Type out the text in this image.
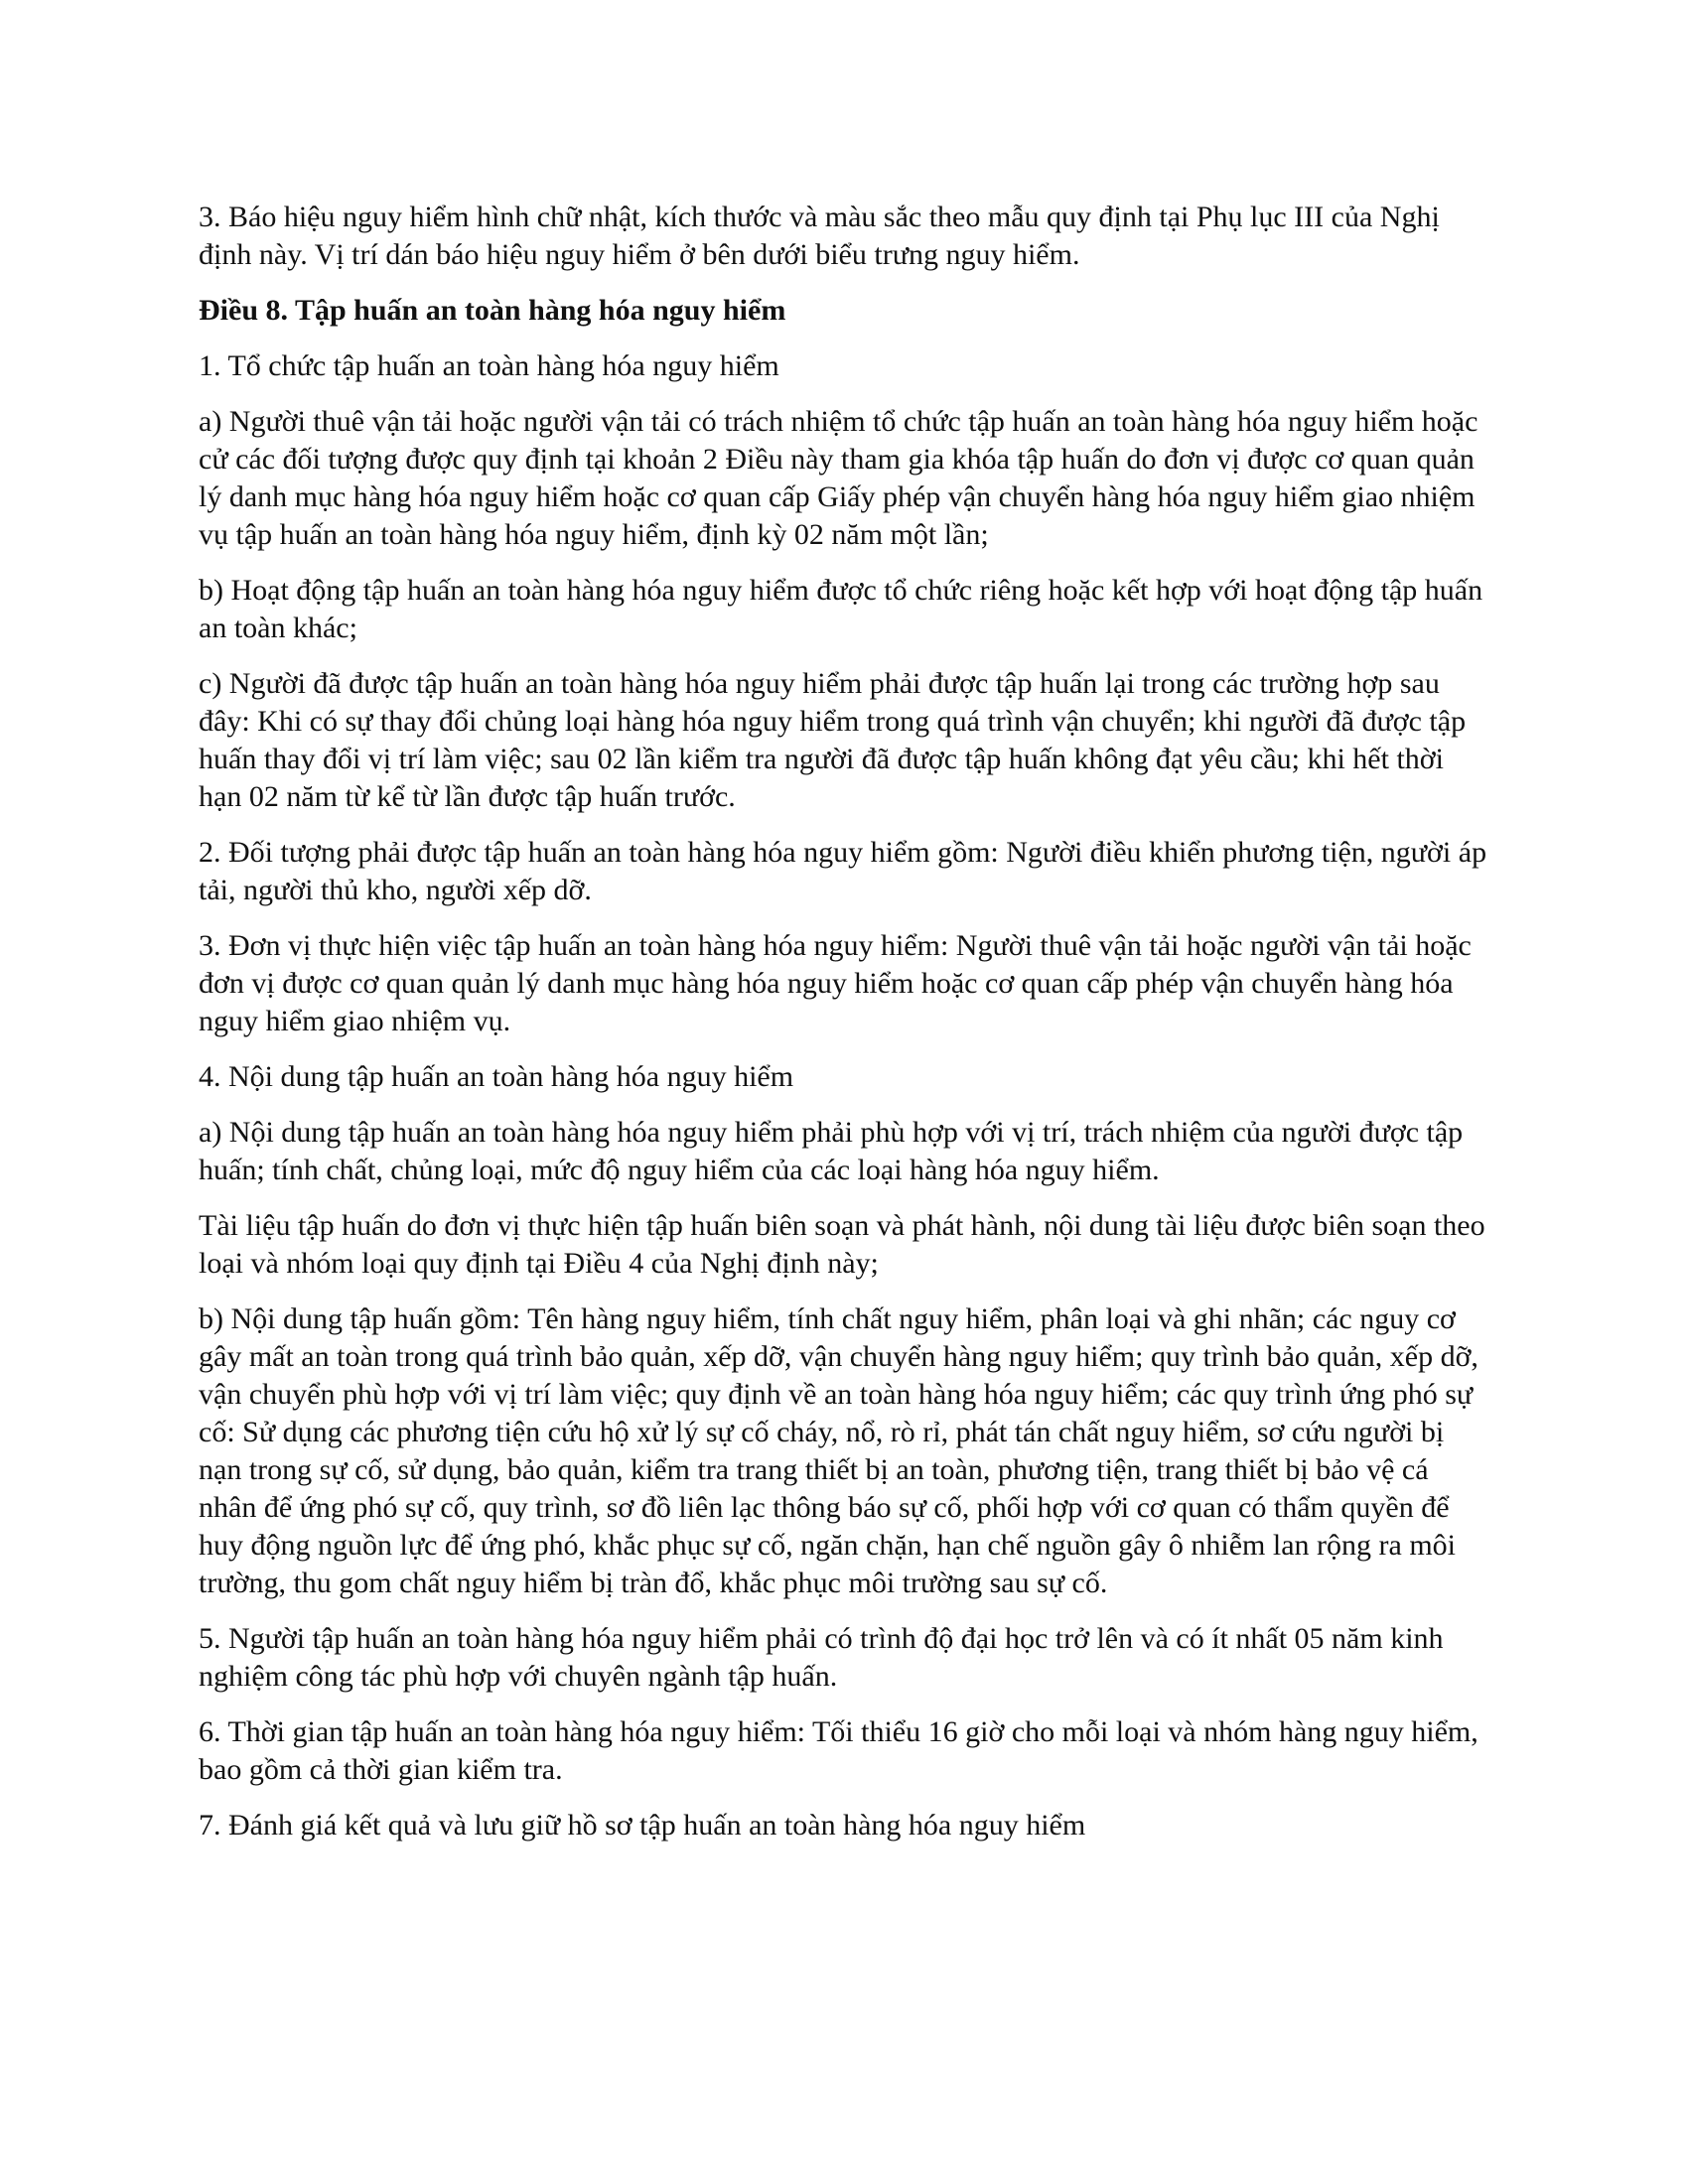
3. Báo hiệu nguy hiểm hình chữ nhật, kích thước và màu sắc theo mẫu quy định tại Phụ lục III của Nghị định này. Vị trí dán báo hiệu nguy hiểm ở bên dưới biểu trưng nguy hiểm.

Điều 8. Tập huấn an toàn hàng hóa nguy hiểm

1. Tổ chức tập huấn an toàn hàng hóa nguy hiểm

a) Người thuê vận tải hoặc người vận tải có trách nhiệm tổ chức tập huấn an toàn hàng hóa nguy hiểm hoặc cử các đối tượng được quy định tại khoản 2 Điều này tham gia khóa tập huấn do đơn vị được cơ quan quản lý danh mục hàng hóa nguy hiểm hoặc cơ quan cấp Giấy phép vận chuyển hàng hóa nguy hiểm giao nhiệm vụ tập huấn an toàn hàng hóa nguy hiểm, định kỳ 02 năm một lần;

b) Hoạt động tập huấn an toàn hàng hóa nguy hiểm được tổ chức riêng hoặc kết hợp với hoạt động tập huấn an toàn khác;

c) Người đã được tập huấn an toàn hàng hóa nguy hiểm phải được tập huấn lại trong các trường hợp sau đây: Khi có sự thay đổi chủng loại hàng hóa nguy hiểm trong quá trình vận chuyển; khi người đã được tập huấn thay đổi vị trí làm việc; sau 02 lần kiểm tra người đã được tập huấn không đạt yêu cầu; khi hết thời hạn 02 năm từ kể từ lần được tập huấn trước.

2. Đối tượng phải được tập huấn an toàn hàng hóa nguy hiểm gồm: Người điều khiển phương tiện, người áp tải, người thủ kho, người xếp dỡ.

3. Đơn vị thực hiện việc tập huấn an toàn hàng hóa nguy hiểm: Người thuê vận tải hoặc người vận tải hoặc đơn vị được cơ quan quản lý danh mục hàng hóa nguy hiểm hoặc cơ quan cấp phép vận chuyển hàng hóa nguy hiểm giao nhiệm vụ.

4. Nội dung tập huấn an toàn hàng hóa nguy hiểm

a) Nội dung tập huấn an toàn hàng hóa nguy hiểm phải phù hợp với vị trí, trách nhiệm của người được tập huấn; tính chất, chủng loại, mức độ nguy hiểm của các loại hàng hóa nguy hiểm.

Tài liệu tập huấn do đơn vị thực hiện tập huấn biên soạn và phát hành, nội dung tài liệu được biên soạn theo loại và nhóm loại quy định tại Điều 4 của Nghị định này;

b) Nội dung tập huấn gồm: Tên hàng nguy hiểm, tính chất nguy hiểm, phân loại và ghi nhãn; các nguy cơ gây mất an toàn trong quá trình bảo quản, xếp dỡ, vận chuyển hàng nguy hiểm; quy trình bảo quản, xếp dỡ, vận chuyển phù hợp với vị trí làm việc; quy định về an toàn hàng hóa nguy hiểm; các quy trình ứng phó sự cố: Sử dụng các phương tiện cứu hộ xử lý sự cố cháy, nổ, rò rỉ, phát tán chất nguy hiểm, sơ cứu người bị nạn trong sự cố, sử dụng, bảo quản, kiểm tra trang thiết bị an toàn, phương tiện, trang thiết bị bảo vệ cá nhân để ứng phó sự cố, quy trình, sơ đồ liên lạc thông báo sự cố, phối hợp với cơ quan có thẩm quyền để huy động nguồn lực để ứng phó, khắc phục sự cố, ngăn chặn, hạn chế nguồn gây ô nhiễm lan rộng ra môi trường, thu gom chất nguy hiểm bị tràn đổ, khắc phục môi trường sau sự cố.

5. Người tập huấn an toàn hàng hóa nguy hiểm phải có trình độ đại học trở lên và có ít nhất 05 năm kinh nghiệm công tác phù hợp với chuyên ngành tập huấn.

6. Thời gian tập huấn an toàn hàng hóa nguy hiểm: Tối thiểu 16 giờ cho mỗi loại và nhóm hàng nguy hiểm, bao gồm cả thời gian kiểm tra.

7. Đánh giá kết quả và lưu giữ hồ sơ tập huấn an toàn hàng hóa nguy hiểm
